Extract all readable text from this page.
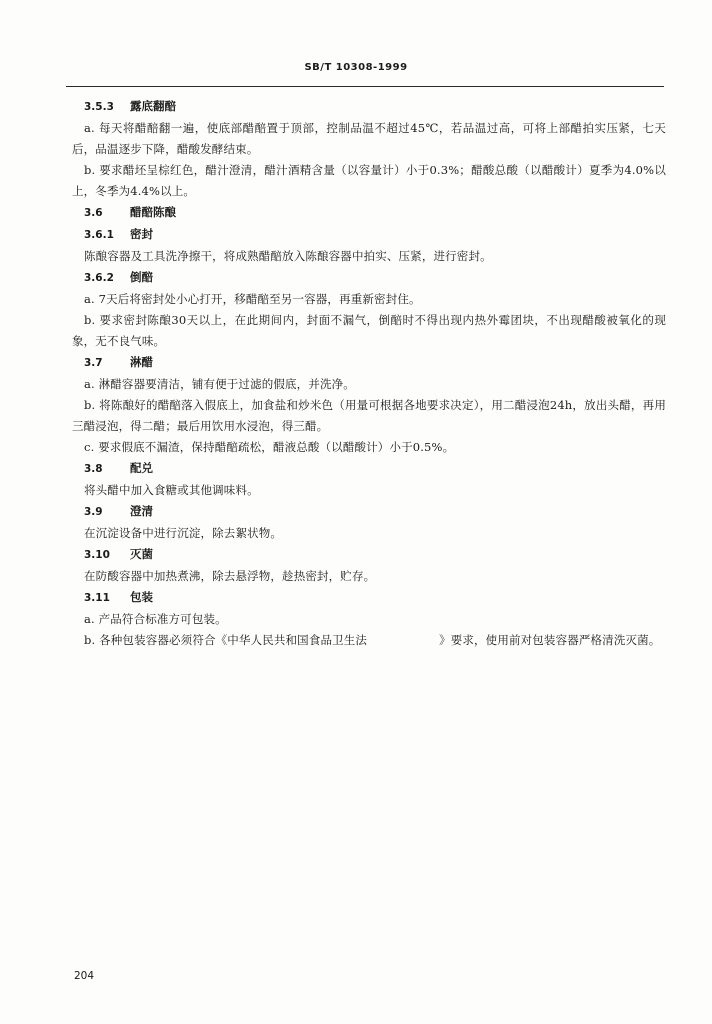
SB/T 10308-1999

3.5.3 露底翻醅

a. 每天将醋醅翻一遍，使底部醋醅置于顶部，控制品温不超过45℃，若品温过高，可将上部醋拍实压紧，七天后，品温逐步下降，醋酸发酵结束。

b. 要求醋坯呈棕红色，醋汁澄清，醋汁酒精含量（以容量计）小于0.3%；醋酸总酸（以醋酸计）夏季为4.0%以上，冬季为4.4%以上。

3.6 醋醅陈酿

3.6.1 密封

陈酿容器及工具洗净擦干，将成熟醋醅放入陈酿容器中拍实、压紧，进行密封。

3.6.2 倒醅

a. 7天后将密封处小心打开，移醋醅至另一容器，再重新密封住。

b. 要求密封陈酿30天以上，在此期间内，封面不漏气，倒醅时不得出现内热外霉团块，不出现醋酸被氧化的现象，无不良气味。

3.7 淋醋

a. 淋醋容器要清洁，铺有便于过滤的假底，并洗净。

b. 将陈酿好的醋醅落入假底上，加食盐和炒米色（用量可根据各地要求决定），用二醋浸泡24h，放出头醋，再用三醋浸泡，得二醋；最后用饮用水浸泡，得三醋。

c. 要求假底不漏渣，保持醋醅疏松，醋液总酸（以醋酸计）小于0.5%。

3.8 配兑

将头醋中加入食糖或其他调味料。

3.9 澄清

在沉淀设备中进行沉淀，除去絮状物。

3.10 灭菌

在防酸容器中加热煮沸，除去悬浮物，趁热密封，贮存。

3.11 包装

a. 产品符合标准方可包装。

b. 各种包装容器必须符合《中华人民共和国食品卫生法	》要求，使用前对包装容器严格清洗灭菌。

204
